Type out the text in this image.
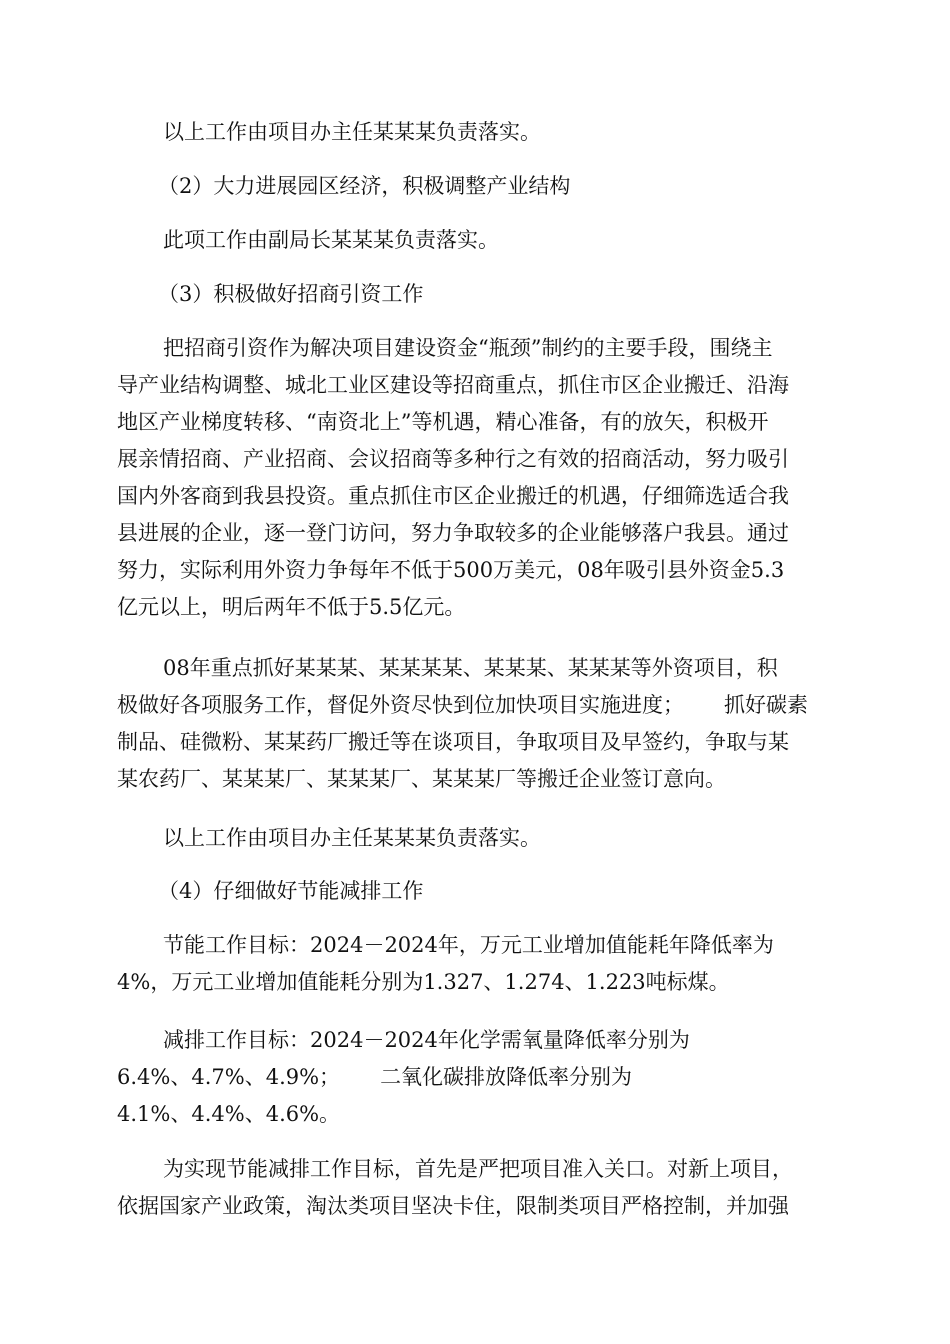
以上工作由项目办主任某某某负责落实。
（2）大力进展园区经济，积极调整产业结构
此项工作由副局长某某某负责落实。
（3）积极做好招商引资工作
把招商引资作为解决项目建设资金“瓶颈”制约的主要手段，围绕主
导产业结构调整、城北工业区建设等招商重点，抓住市区企业搬迁、沿海
地区产业梯度转移、“南资北上”等机遇，精心准备，有的放矢，积极开
展亲情招商、产业招商、会议招商等多种行之有效的招商活动，努力吸引
国内外客商到我县投资。重点抓住市区企业搬迁的机遇，仔细筛选适合我
县进展的企业，逐一登门访问，努力争取较多的企业能够落户我县。通过
努力，实际利用外资力争每年不低于500万美元，08年吸引县外资金5.3
亿元以上，明后两年不低于5.5亿元。
08年重点抓好某某某、某某某某、某某某、某某某等外资项目，积
极做好各项服务工作，督促外资尽快到位加快项目实施进度； 抓好碳素
制品、硅微粉、某某药厂搬迁等在谈项目，争取项目及早签约，争取与某
某农药厂、某某某厂、某某某厂、某某某厂等搬迁企业签订意向。
以上工作由项目办主任某某某负责落实。
（4）仔细做好节能减排工作
节能工作目标：2024－2024年，万元工业增加值能耗年降低率为
4%，万元工业增加值能耗分别为1.327、1.274、1.223吨标煤。
减排工作目标：2024－2024年化学需氧量降低率分别为
6.4%、4.7%、4.9%； 二氧化碳排放降低率分别为
4.1%、4.4%、4.6%。
为实现节能减排工作目标，首先是严把项目准入关口。对新上项目，
依据国家产业政策，淘汰类项目坚决卡住，限制类项目严格控制，并加强
